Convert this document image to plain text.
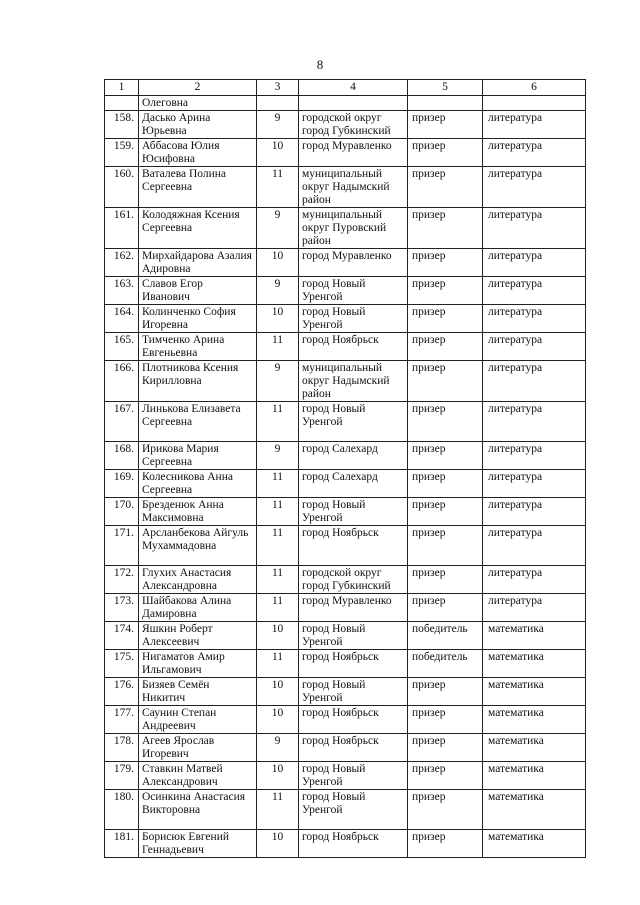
8
1	2	3	4	5	6
	Олеговна				
158.	Дасько Арина Юрьевна	9	городской округ город Губкинский	призер	литература
159.	Аббасова Юлия Юсифовна	10	город Муравленко	призер	литература
160.	Ваталева Полина Сергеевна	11	муниципальный округ Надымский район	призер	литература
161.	Колодяжная Ксения Сергеевна	9	муниципальный округ Пуровский район	призер	литература
162.	Мирхайдарова Азалия Адировна	10	город Муравленко	призер	литература
163.	Славов Егор Иванович	9	город Новый Уренгой	призер	литература
164.	Колинченко София Игоревна	10	город Новый Уренгой	призер	литература
165.	Тимченко Арина Евгеньевна	11	город Ноябрьск	призер	литература
166.	Плотникова Ксения Кирилловна	9	муниципальный округ Надымский район	призер	литература
167.	Линькова Елизавета Сергеевна	11	город Новый Уренгой	призер	литература
168.	Ирикова Мария Сергеевна	9	город Салехард	призер	литература
169.	Колесникова Анна Сергеевна	11	город Салехард	призер	литература
170.	Брезденюк Анна Максимовна	11	город Новый Уренгой	призер	литература
171.	Арсланбекова Айгуль Мухаммадовна	11	город Ноябрьск	призер	литература
172.	Глухих Анастасия Александровна	11	городской округ город Губкинский	призер	литература
173.	Шайбакова Алина Дамировна	11	город Муравленко	призер	литература
174.	Яшкин Роберт Алексеевич	10	город Новый Уренгой	победитель	математика
175.	Нигаматов Амир Ильгамович	11	город Ноябрьск	победитель	математика
176.	Бизяев Семён Никитич	10	город Новый Уренгой	призер	математика
177.	Саунин Степан Андреевич	10	город Ноябрьск	призер	математика
178.	Агеев Ярослав Игоревич	9	город Ноябрьск	призер	математика
179.	Ставкин Матвей Александрович	10	город Новый Уренгой	призер	математика
180.	Осинкина Анастасия Викторовна	11	город Новый Уренгой	призер	математика
181.	Борисюк Евгений Геннадьевич	10	город Ноябрьск	призер	математика
